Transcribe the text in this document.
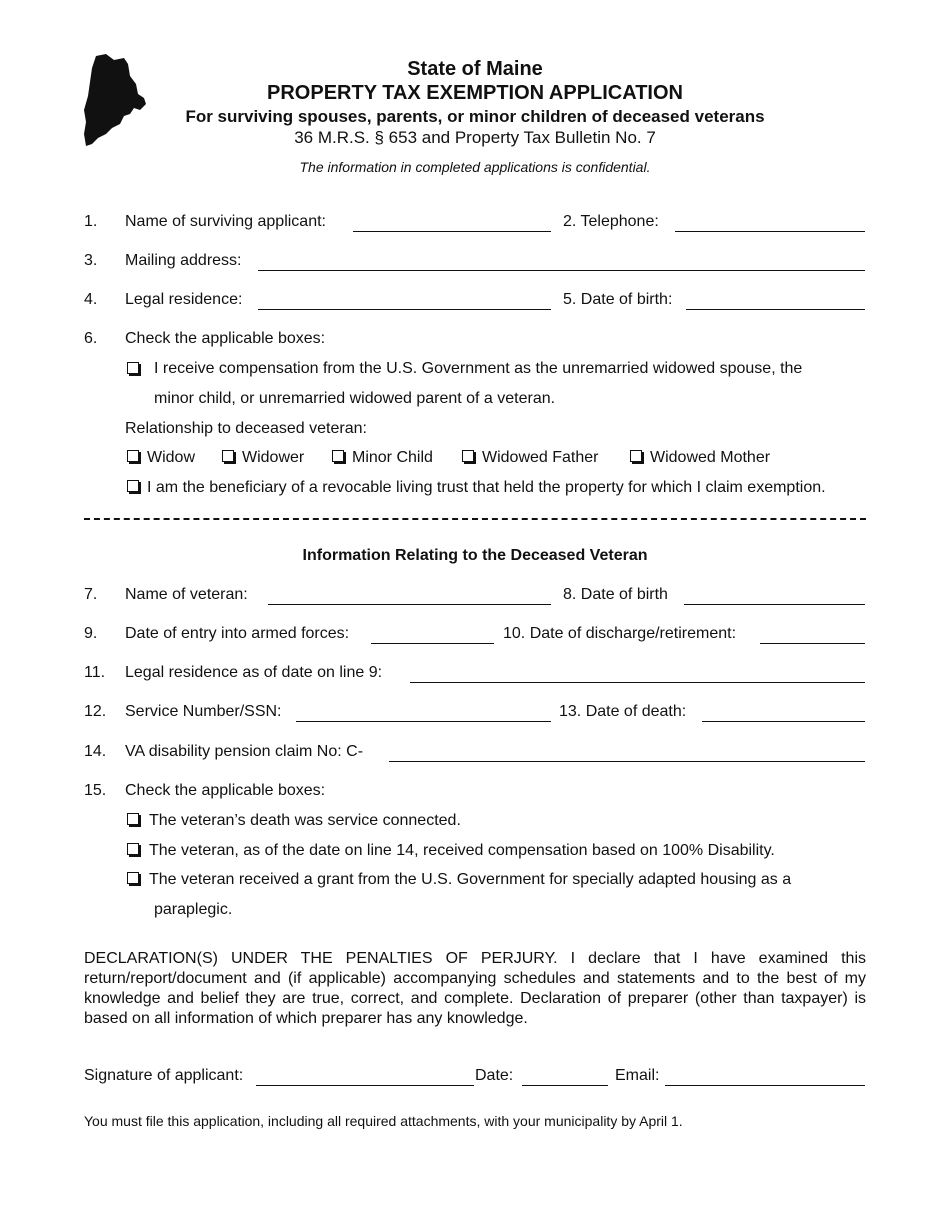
State of Maine
PROPERTY TAX EXEMPTION APPLICATION
For surviving spouses, parents, or minor children of deceased veterans
36 M.R.S. § 653 and Property Tax Bulletin No. 7
The information in completed applications is confidential.
1. Name of surviving applicant:	2. Telephone:
3. Mailing address:
4. Legal residence:	5. Date of birth:
6. Check the applicable boxes:
I receive compensation from the U.S. Government as the unremarried widowed spouse, the
minor child, or unremarried widowed parent of a veteran.
Relationship to deceased veteran:
Widow	Widower	Minor Child	Widowed Father	Widowed Mother
I am the beneficiary of a revocable living trust that held the property for which I claim exemption.
Information Relating to the Deceased Veteran
7. Name of veteran:	8. Date of birth
9. Date of entry into armed forces:	10. Date of discharge/retirement:
11. Legal residence as of date on line 9:
12. Service Number/SSN:	13. Date of death:
14. VA disability pension claim No: C-
15. Check the applicable boxes:
The veteran’s death was service connected.
The veteran, as of the date on line 14, received compensation based on 100% Disability.
The veteran received a grant from the U.S. Government for specially adapted housing as a
paraplegic.
DECLARATION(S) UNDER THE PENALTIES OF PERJURY. I declare that I have examined this return/report/document and (if applicable) accompanying schedules and statements and to the best of my knowledge and belief they are true, correct, and complete. Declaration of preparer (other than taxpayer) is based on all information of which preparer has any knowledge.
Signature of applicant:	Date:	Email:
You must file this application, including all required attachments, with your municipality by April 1.
